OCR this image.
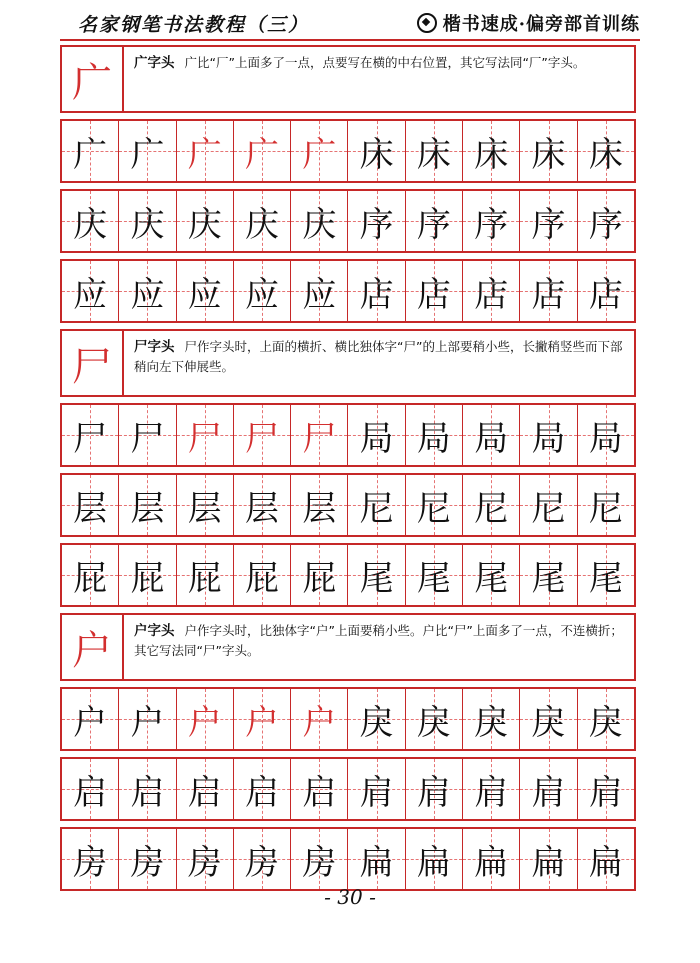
名家钢笔书法教程（三）	楷书速成·偏旁部首训练
广	广字头 广比“厂”上面多了一点，点要写在横的中右位置，其它写法同“厂”字头。
广 广 广 广 广 床 床 床 床 床
庆 庆 庆 庆 庆 序 序 序 序 序
应 应 应 应 应 店 店 店 店 店
尸	尸字头 尸作字头时，上面的横折、横比独体字“尸”的上部要稍小些，长撇稍竖些而下部稍向左下伸展些。
尸 尸 尸 尸 尸 局 局 局 局 局
层 层 层 层 层 尼 尼 尼 尼 尼
屁 屁 屁 屁 屁 尾 尾 尾 尾 尾
户	户字头 户作字头时，比独体字“户”上面要稍小些。户比“尸”上面多了一点，不连横折；其它写法同“尸”字头。
户 户 户 户 户 戾 戾 戾 戾 戾
启 启 启 启 启 肩 肩 肩 肩 肩
房 房 房 房 房 扁 扁 扁 扁 扁
- 30 -
